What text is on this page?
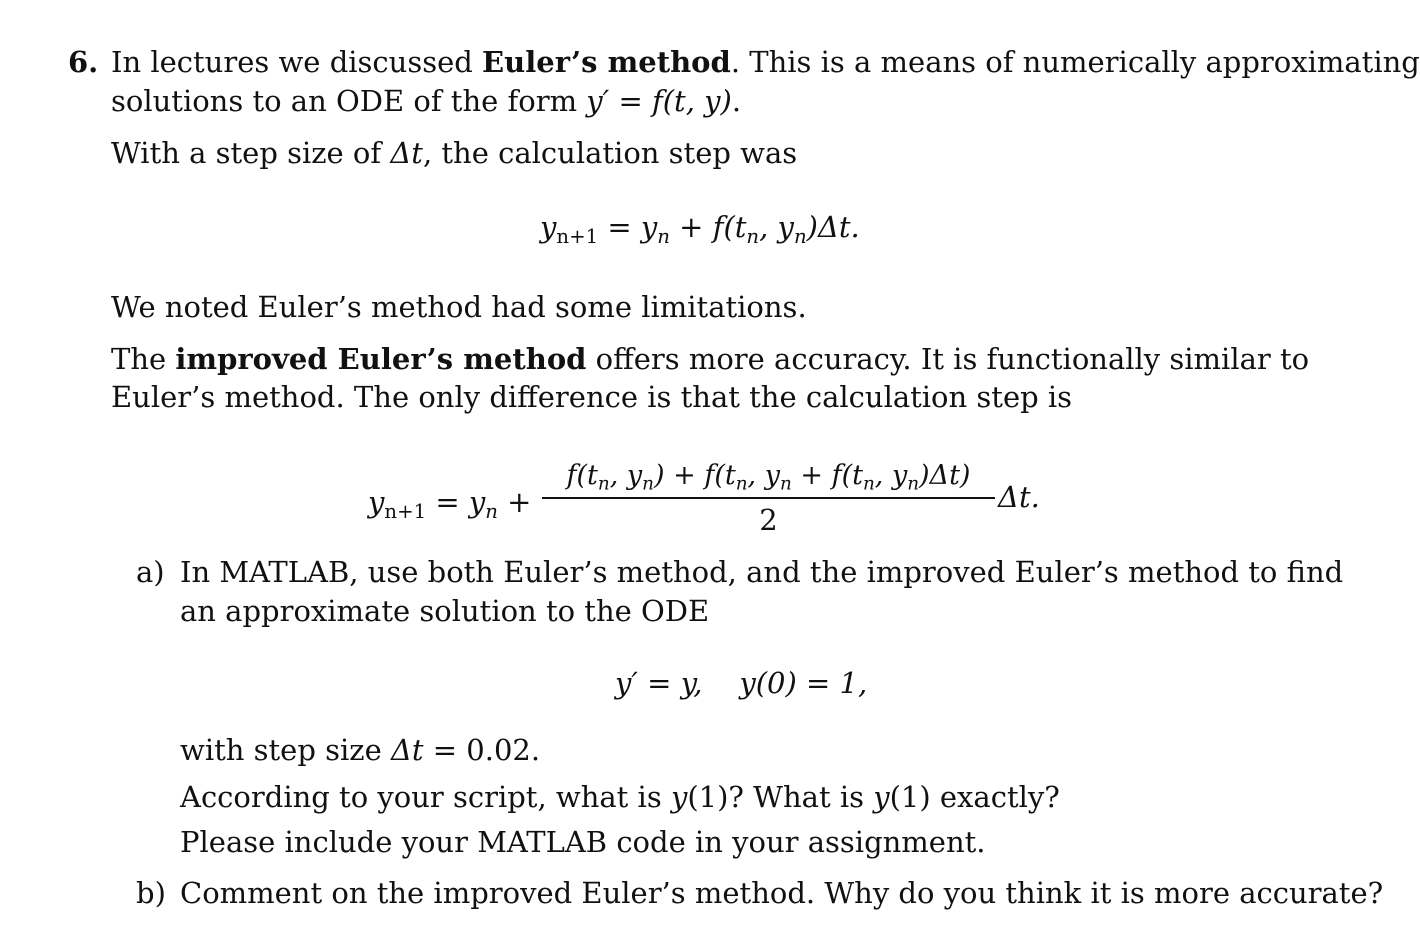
6. In lectures we discussed Euler’s method. This is a means of numerically approximating
solutions to an ODE of the form y′ = f(t, y).
With a step size of Δt, the calculation step was
$y_{n+1} = y_n + f(t_n$, $y_n)\Delta t$.
We noted Euler’s method had some limitations.
The improved Euler’s method offers more accuracy. It is functionally similar to
Euler’s method. The only difference is that the calculation step is
$y_{n+1} = y_n$ +
$f(t_n$, $y_n) + f(t_n$, $y_n + f(t_n$, $y_n)\Delta t$)
2
Δt.
a) In MATLAB, use both Euler’s method, and the improved Euler’s method to find
an approximate solution to the ODE
y′ = y,    y(0) = 1,
with step size Δt = 0.02.
According to your script, what is y(1)? What is y(1) exactly?
Please include your MATLAB code in your assignment.
b) Comment on the improved Euler’s method. Why do you think it is more accurate?
